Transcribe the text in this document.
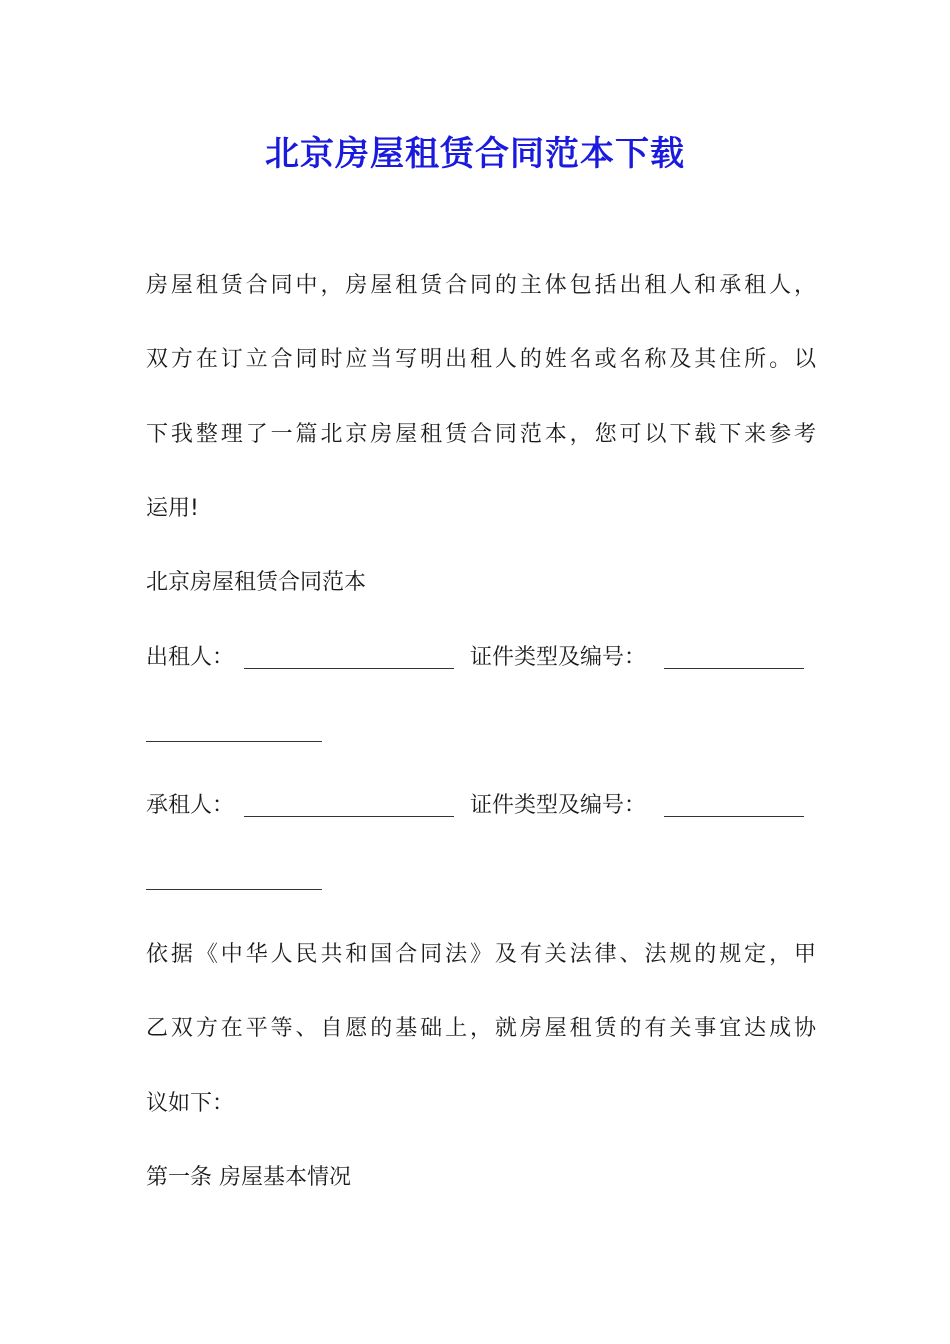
北京房屋租赁合同范本下载
房屋租赁合同中，房屋租赁合同的主体包括出租人和承租人，
双方在订立合同时应当写明出租人的姓名或名称及其住所。以
下我整理了一篇北京房屋租赁合同范本，您可以下载下来参考
运用!
北京房屋租赁合同范本
出租人：	证件类型及编号：
承租人：	证件类型及编号：
依据《中华人民共和国合同法》及有关法律、法规的规定，甲
乙双方在平等、自愿的基础上，就房屋租赁的有关事宜达成协
议如下：
第一条 房屋基本情况
